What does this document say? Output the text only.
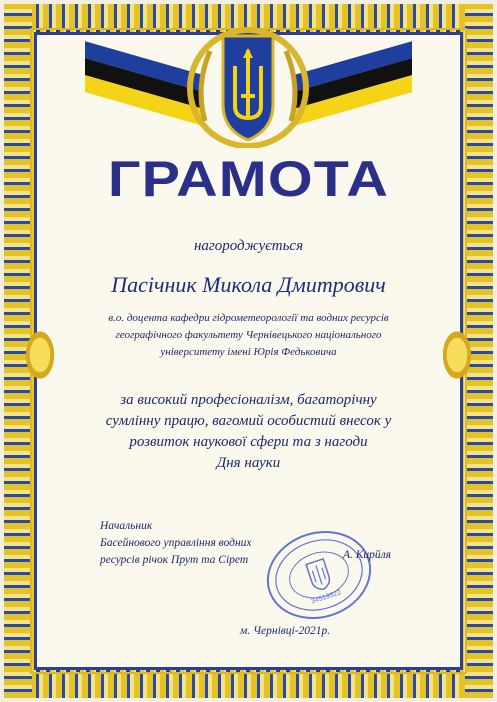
ГРАМОТА
нагороджується
Пасічник Микола Дмитрович
в.о. доцента кафедри гідрометеорології та водних ресурсів
географічного факультету Чернівецького національного
університету імені Юрія Федьковича
за високий професіоналізм, багаторічну
сумлінну працю, вагомий особистий внесок у
розвиток наукової сфери та з нагоди
Дня науки
Начальник
Басейнового управління водних
ресурсів річок Прут та Сірет
34519322
А. Кирйля
м. Чернівці-2021р.
